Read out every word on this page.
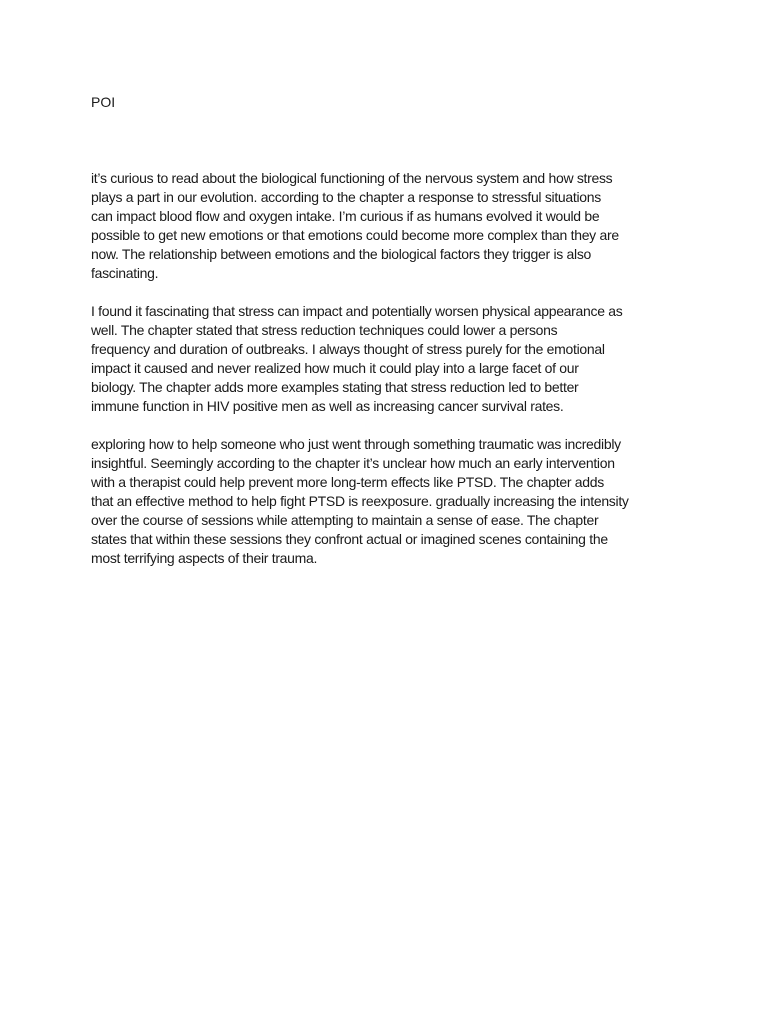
POI

it’s curious to read about the biological functioning of the nervous system and how stress
plays a part in our evolution. according to the chapter a response to stressful situations
can impact blood flow and oxygen intake. I’m curious if as humans evolved it would be
possible to get new emotions or that emotions could become more complex than they are
now. The relationship between emotions and the biological factors they trigger is also
fascinating.

I found it fascinating that stress can impact and potentially worsen physical appearance as
well. The chapter stated that stress reduction techniques could lower a persons
frequency and duration of outbreaks. I always thought of stress purely for the emotional
impact it caused and never realized how much it could play into a large facet of our
biology. The chapter adds more examples stating that stress reduction led to better
immune function in HIV positive men as well as increasing cancer survival rates.

exploring how to help someone who just went through something traumatic was incredibly
insightful. Seemingly according to the chapter it’s unclear how much an early intervention
with a therapist could help prevent more long-term effects like PTSD. The chapter adds
that an effective method to help fight PTSD is reexposure. gradually increasing the intensity
over the course of sessions while attempting to maintain a sense of ease. The chapter
states that within these sessions they confront actual or imagined scenes containing the
most terrifying aspects of their trauma.
